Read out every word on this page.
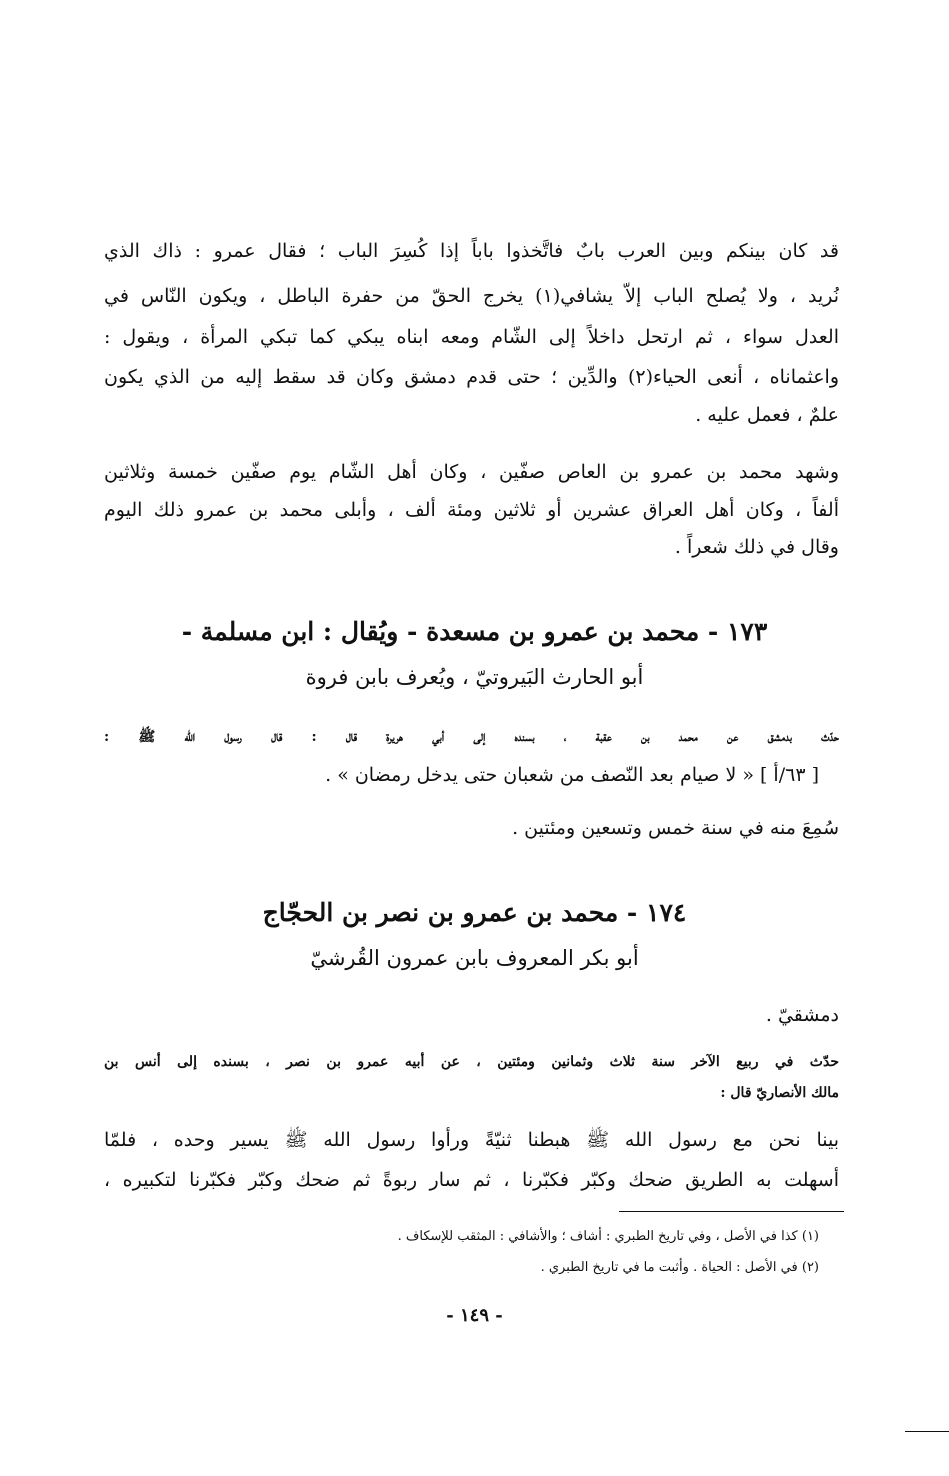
قد كان بينكم وبين العرب بابٌ فاتَّخذوا باباً إذا كُسِرَ الباب ؛ فقال عمرو : ذاك الذي
نُريد ، ولا يُصلح الباب إلاّ يشافي(١) يخرج الحقّ من حفرة الباطل ، ويكون النّاس في
العدل سواء ، ثم ارتحل داخلاً إلى الشّام ومعه ابناه يبكي كما تبكي المرأة ، ويقول :
واعثماناه ، أنعى الحياء(٢) والدِّين ؛ حتى قدم دمشق وكان قد سقط إليه من الذي يكون
علمٌ ، فعمل عليه .
وشهد محمد بن عمرو بن العاص صفّين ، وكان أهل الشّام يوم صفّين خمسة وثلاثين
ألفاً ، وكان أهل العراق عشرين أو ثلاثين ومئة ألف ، وأبلى محمد بن عمرو ذلك اليوم
وقال في ذلك شعراً .
١٧٣ - محمد بن عمرو بن مسعدة - ويُقال : ابن مسلمة -
أبو الحارث البَيروتيّ ، ويُعرف بابن فروة
حدّث بدمشق عن محمد بن عقبة ، بسنده إلى أبي هريرة قال : قال رسول الله ﷺ :
[ ٦٣/أ ] « لا صيام بعد النّصف من شعبان حتى يدخل رمضان » .
سُمِعَ منه في سنة خمس وتسعين ومئتين .
١٧٤ - محمد بن عمرو بن نصر بن الحجّاج
أبو بكر المعروف بابن عمرون القُرشيّ
دمشقيّ .
حدّث في ربيع الآخر سنة ثلاث وثمانين ومئتين ، عن أبيه عمرو بن نصر ، بسنده إلى أنس بن
مالك الأنصاريّ قال :
بينا نحن مع رسول الله ﷺ هبطنا ثنيّةً ورأوا رسول الله ﷺ يسير وحده ، فلمّا
أسهلت به الطريق ضحك وكبّر فكبّرنا ، ثم سار ربوةً ثم ضحك وكبّر فكبّرنا لتكبيره ،
(١) كذا في الأصل ، وفي تاريخ الطبري : أشاف ؛ والأشافي : المثقب للإسكاف .
(٢) في الأصل : الحياة . وأثبت ما في تاريخ الطبري .
- ١٤٩ -
